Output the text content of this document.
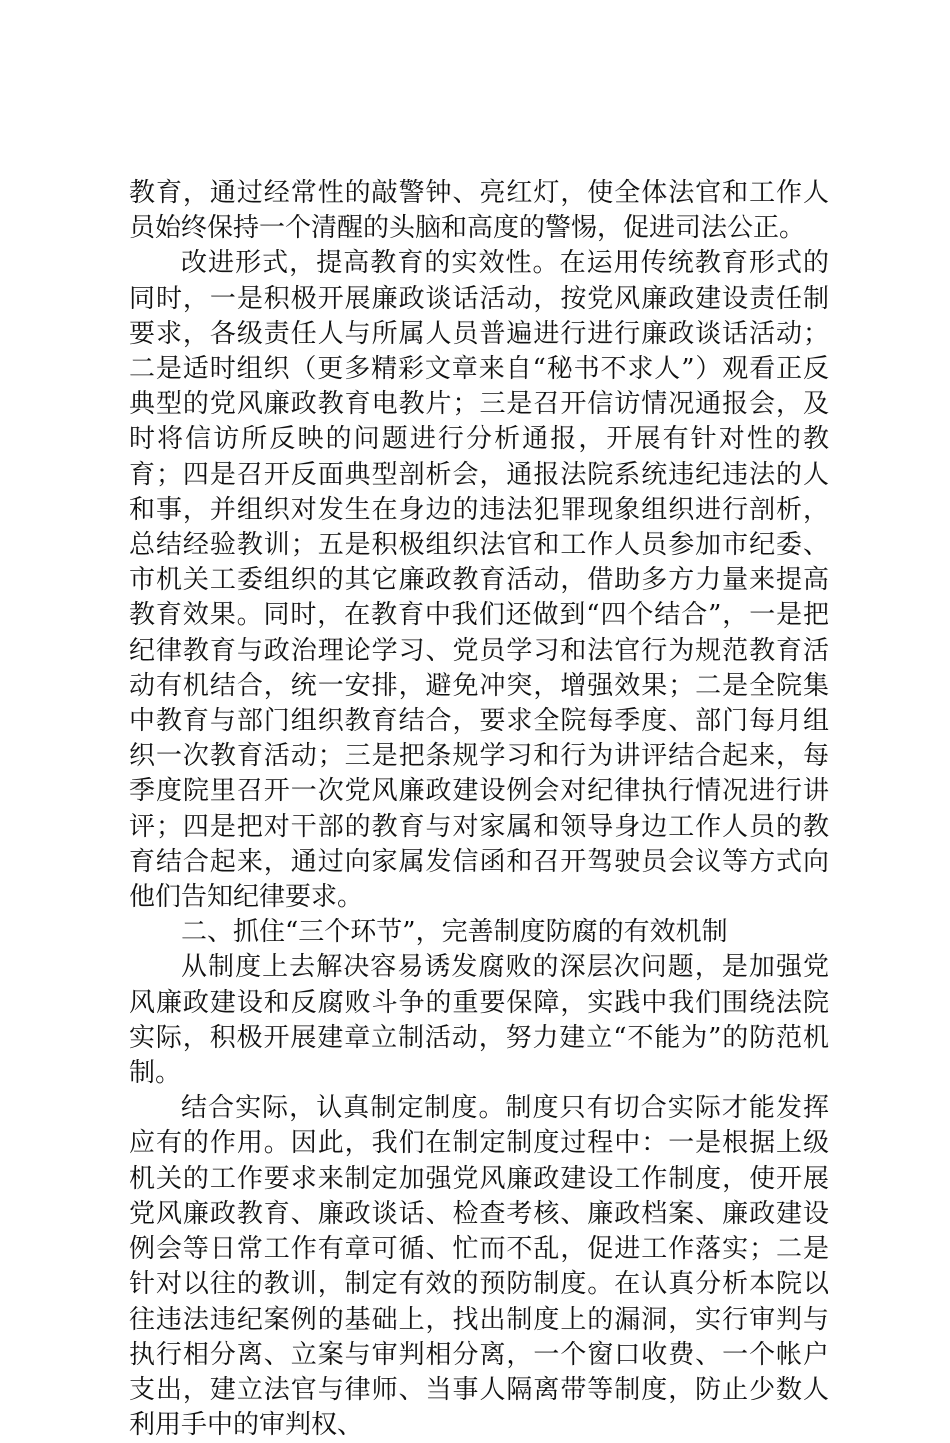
教育，通过经常性的敲警钟、亮红灯，使全体法官和工作人员始终保持一个清醒的头脑和高度的警惕，促进司法公正。

改进形式，提高教育的实效性。在运用传统教育形式的同时，一是积极开展廉政谈话活动，按党风廉政建设责任制要求，各级责任人与所属人员普遍进行进行廉政谈话活动；二是适时组织（更多精彩文章来自“秘书不求人”）观看正反典型的党风廉政教育电教片；三是召开信访情况通报会，及时将信访所反映的问题进行分析通报，开展有针对性的教育；四是召开反面典型剖析会，通报法院系统违纪违法的人和事，并组织对发生在身边的违法犯罪现象组织进行剖析，总结经验教训；五是积极组织法官和工作人员参加市纪委、市机关工委组织的其它廉政教育活动，借助多方力量来提高教育效果。同时，在教育中我们还做到“四个结合”，一是把纪律教育与政治理论学习、党员学习和法官行为规范教育活动有机结合，统一安排，避免冲突，增强效果；二是全院集中教育与部门组织教育结合，要求全院每季度、部门每月组织一次教育活动；三是把条规学习和行为讲评结合起来，每季度院里召开一次党风廉政建设例会对纪律执行情况进行讲评；四是把对干部的教育与对家属和领导身边工作人员的教育结合起来，通过向家属发信函和召开驾驶员会议等方式向他们告知纪律要求。

二、抓住“三个环节”，完善制度防腐的有效机制

从制度上去解决容易诱发腐败的深层次问题，是加强党风廉政建设和反腐败斗争的重要保障，实践中我们围绕法院实际，积极开展建章立制活动，努力建立“不能为”的防范机制。

结合实际，认真制定制度。制度只有切合实际才能发挥应有的作用。因此，我们在制定制度过程中：一是根据上级机关的工作要求来制定加强党风廉政建设工作制度，使开展党风廉政教育、廉政谈话、检查考核、廉政档案、廉政建设例会等日常工作有章可循、忙而不乱，促进工作落实；二是针对以往的教训，制定有效的预防制度。在认真分析本院以往违法违纪案例的基础上，找出制度上的漏洞，实行审判与执行相分离、立案与审判相分离，一个窗口收费、一个帐户支出，建立法官与律师、当事人隔离带等制度，防止少数人利用手中的审判权、
